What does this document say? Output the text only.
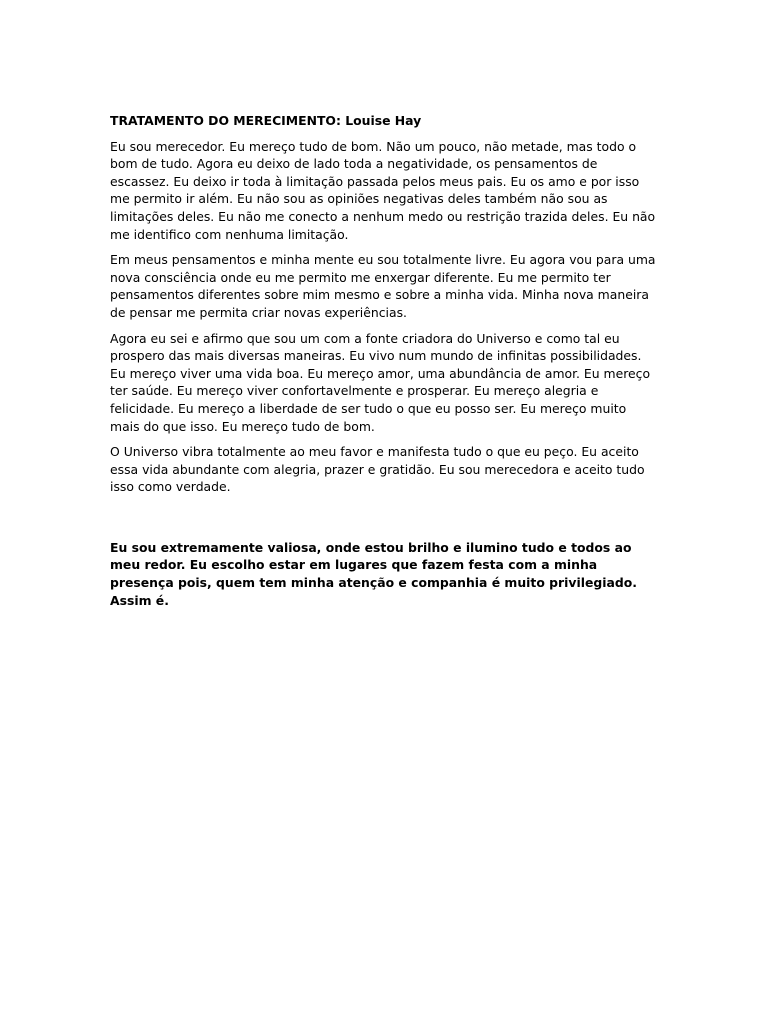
TRATAMENTO DO MERECIMENTO: Louise Hay

Eu sou merecedor. Eu mereço tudo de bom. Não um pouco, não metade, mas todo o bom de tudo. Agora eu deixo de lado toda a negatividade, os pensamentos de escassez. Eu deixo ir toda à limitação passada pelos meus pais. Eu os amo e por isso me permito ir além. Eu não sou as opiniões negativas deles também não sou as limitações deles. Eu não me conecto a nenhum medo ou restrição trazida deles. Eu não me identifico com nenhuma limitação.

Em meus pensamentos e minha mente eu sou totalmente livre. Eu agora vou para uma nova consciência onde eu me permito me enxergar diferente. Eu me permito ter pensamentos diferentes sobre mim mesmo e sobre a minha vida. Minha nova maneira de pensar me permita criar novas experiências.

Agora eu sei e afirmo que sou um com a fonte criadora do Universo e como tal eu prospero das mais diversas maneiras. Eu vivo num mundo de infinitas possibilidades. Eu mereço viver uma vida boa. Eu mereço amor, uma abundância de amor. Eu mereço ter saúde. Eu mereço viver confortavelmente e prosperar. Eu mereço alegria e felicidade. Eu mereço a liberdade de ser tudo o que eu posso ser. Eu mereço muito mais do que isso. Eu mereço tudo de bom.

O Universo vibra totalmente ao meu favor e manifesta tudo o que eu peço. Eu aceito essa vida abundante com alegria, prazer e gratidão. Eu sou merecedora e aceito tudo isso como verdade.

Eu sou extremamente valiosa, onde estou brilho e ilumino tudo e todos ao meu redor. Eu escolho estar em lugares que fazem festa com a minha presença pois, quem tem minha atenção e companhia é muito privilegiado. Assim é.
